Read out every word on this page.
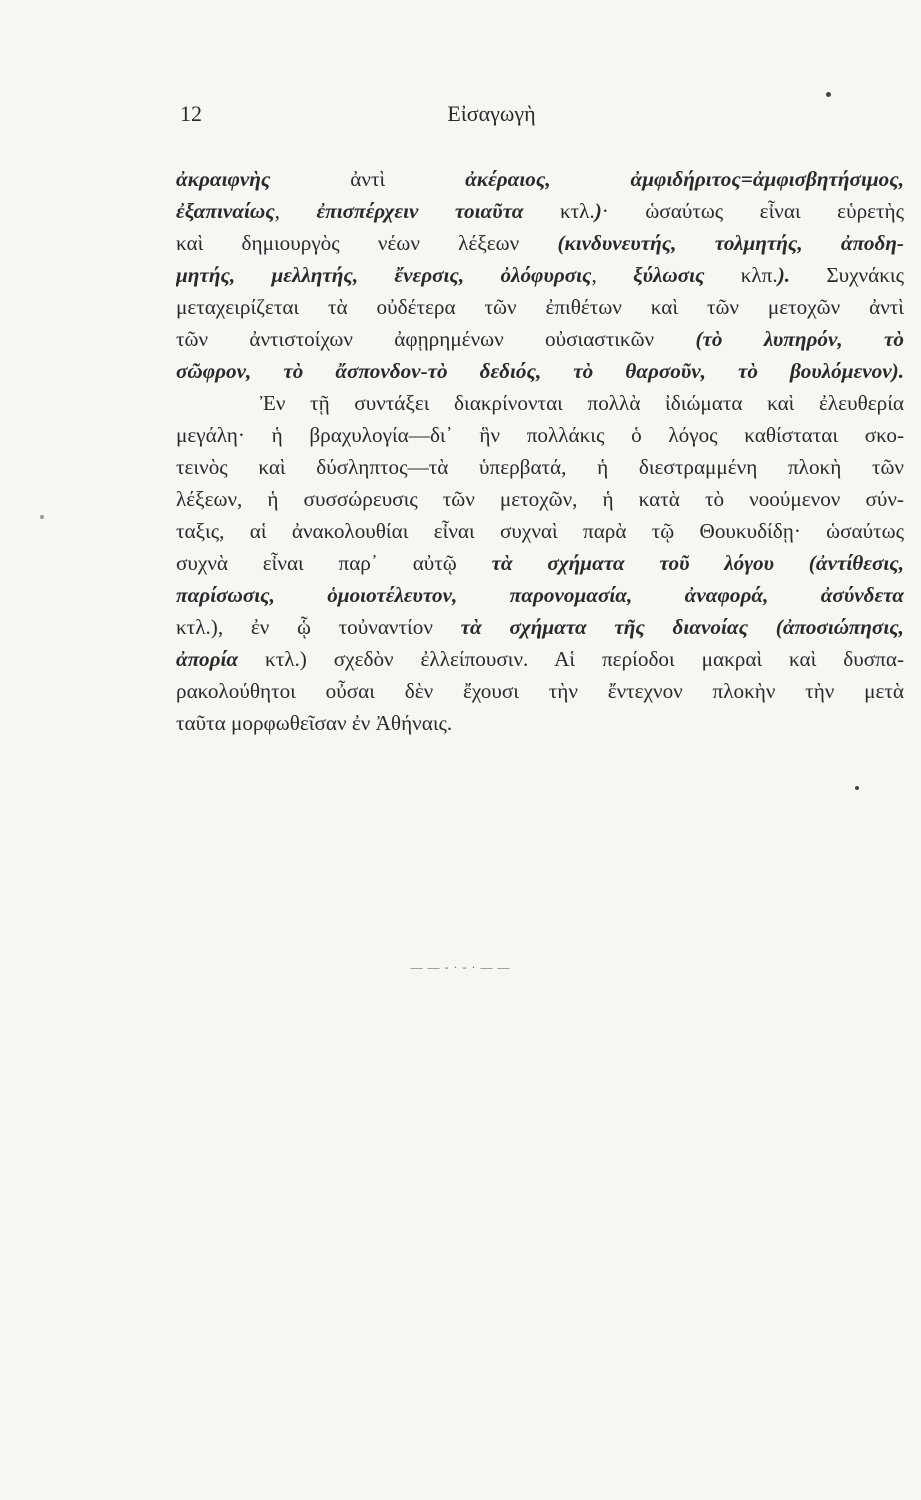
12	Εἰσαγωγὴ
ἀκραιφνὴς ἀντὶ ἀκέραιος, ἀμφιδήριτος=ἀμφισβητήσιμος,
ἐξαπιναίως, ἐπισπέρχειν τοιαῦτα κτλ.)· ὡσαύτως εἶναι εὑρετὴς
καὶ δημιουργὸς νέων λέξεων (κινδυνευτής, τολμητής, ἀποδη-
μητής, μελλητής, ἔνερσις, ὀλόφυρσις, ξύλωσις κλπ.). Συχνάκις
μεταχειρίζεται τὰ οὐδέτερα τῶν ἐπιθέτων καὶ τῶν μετοχῶν ἀντὶ
τῶν ἀντιστοίχων ἀφῃρημένων οὐσιαστικῶν (τὸ λυπηρόν, τὸ
σῶφρον, τὸ ἄσπονδον-τὸ δεδιός, τὸ θαρσοῦν, τὸ βουλόμενον).
Ἐν τῇ συντάξει διακρίνονται πολλὰ ἰδιώματα καὶ ἐλευθερία
μεγάλη· ἡ βραχυλογία—δι᾽ ἣν πολλάκις ὁ λόγος καθίσταται σκο-
τεινὸς καὶ δύσληπτος—τὰ ὑπερβατά, ἡ διεστραμμένη πλοκὴ τῶν
λέξεων, ἡ συσσώρευσις τῶν μετοχῶν, ἡ κατὰ τὸ νοούμενον σύν-
ταξις, αἱ ἀνακολουθίαι εἶναι συχναὶ παρὰ τῷ Θουκυδίδῃ· ὡσαύτως
συχνὰ εἶναι παρ᾽ αὐτῷ τὰ σχήματα τοῦ λόγου (ἀντίθεσις,
παρίσωσις, ὁμοιοτέλευτον, παρονομασία, ἀναφορά, ἀσύνδετα
κτλ.), ἐν ᾧ τοὐναντίον τὰ σχήματα τῆς διανοίας (ἀποσιώπησις,
ἀπορία κτλ.) σχεδὸν ἐλλείπουσιν. Αἱ περίοδοι μακραὶ καὶ δυσπα-
ρακολούθητοι οὖσαι δὲν ἔχουσι τὴν ἔντεχνον πλοκὴν τὴν μετὰ
ταῦτα μορφωθεῖσαν ἐν Ἀθήναις.
— — - · - · — —
